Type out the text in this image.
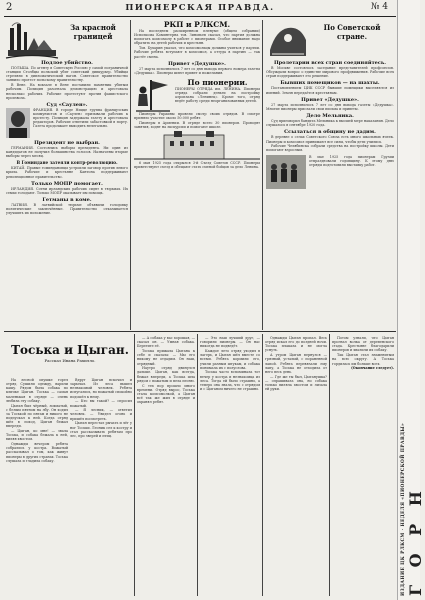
2	ПИОНЕРСКАЯ ПРАВДА.	№ 4
За красной границей
Подлое убийство.

ПОЛЬША. По агенту в Советскую Россию у самой пограничной станции Столбцы польский убит советский дипкурьер. Убийцы стреляли в дипломатический вагон. Советское правительство заявило протест польскому правительству.

В Вене. На вокзале в Вене поставили памятник убитым рабочим. Полиция разогнала демонстрацию и арестовала несколько рабочих. Рабочие протестуют против фашистского произвола.

Суд «Саулен».
ФРАНЦИЯ. В городе Ницце группа французских коммунистов и «Саулен» призывали рабочих к протесту. Полиция задержала газету и арестовала редакторов. Рабочие ответили забастовкой в порту. Газета продолжает выходить нелегально.
Президент не выбран.

ГЕРМАНИЯ. Состоялись выборы президента. Ни один из кандидатов не получил большинства голосов. Назначены вторые выборы через месяц.

В Гоминдане затеяли контр-революцию.

КИТАЙ. Правые гоминдановцы устроили заговор против левого крыла. Рабочие и крестьяне Кантона поддерживают революционное правительство.

Только МОПР помогает.

ИРЛАНДИЯ. Сотни ирландских рабочих сидят в тюрьмах. Их семьи голодают. Только МОПР оказывает им помощь.

Гетманы в коме.

ЛАТВИЯ. В латвийской тюрьме объявили голодовку политические заключённые. Правительство отказывается улучшить их положение.

РКП и РЛКСМ.

На последнем расширенном пленуме (общем собрании) Исполкома Коминтерна тов. Зиновьев сказал, что партия должна помогать комсомолу в работе с пионерами. Особое внимание надо обратить на детей рабочих и крестьян.

Тов. Бухарин указал, что комсомольцы должны учиться у партии. Рабочие ребята вступают в комсомол, а оттуда в партию — так растёт смена.

Привет «Дедушке».

27 марта исполнилось 7 лет со дня выхода первого номера газеты «Дедушка». Пионеры шлют привет и пожелания.

По пионерии.
ПИОНЕРЫ ОТРЯДА им. ЛЕНИНА. Пионеры отряда собрали деньги на постройку аэроплана «Ленинец». Кроме того, отряд ведёт работу среди неорганизованных детей.

Пионеры Украины провели смотр своих отрядов. В смотре приняло участие около 50.000 ребят.

Пионеры в Армении. В отряде всего 30 пионеров. Проводят занятия, ходят на экскурсии и помогают школе.

6 мая 1925 года открылся 3-й Съезд Советов СССР. Пионеры приветствуют съезд и обещают стать сменой бойцов за дело Ленина.

По Советской стране.
Пролетарии всех стран соединяйтесь.

В Москве состоялось заседание представителей профсоюзов. Обсуждали вопрос о единстве мирового профдвижения. Рабочие всех стран поддерживают это решение.

Бывших помещиков — на шахты.

Постановлением ЦИК СССР бывшие помещики выселяются из имений. Земля передаётся крестьянам.

Привет «Дедушке».

27 марта исполнилось 7 лет со дня выхода газеты «Дедушка». Многие пионеры прислали свои письма и приветы.

Дело Мельника.

Суд приговорил бандита Мельника к высшей мере наказания. Дело слушалось в сентябре 1920 года.

Ссылаться в общину не дадим.

В деревне о селах Советского Союза есть много школьных ячеек. Пионеры и комсомол принимают все силы, чтобы дети учились.

Рабочие Челябинска собрали средства на постройку школы. Дети помогают взрослым.

В мае 1925 года пионерам Грузии отпраздновали годовщину. К этому дню отряды подготовили выставку работ.
Тоська и Цыган.
Рассказ Ивана Рахилло.

На лесной опушке горел отряд. Сушили одежду, варили кашу. Рядом была собака по кличке Цыган. Тоська — самая маленькая в отряде — очень любила эту собаку.

Цыган был чёрный, лохматый, с белым пятном на лбу. Он ходил за Тоськой по пятам и никого не подпускал к ней. Когда отряд шёл в поход, Цыган бежал впереди.

— Цыган, ко мне! — звала Тоська, и собака бежала к ней, виляя хвостом.

Однажды вечером ребята собрались у костра. Вожатый рассказывал о том, как живут пионеры в других странах. Тоська слушала и гладила собаку.

Вдруг Цыган вскочил и зарычал. Из леса вышел незнакомый человек. Ребята испугались, но вожатый спокойно подошёл к нему.

— Кто вы такой? — спросил вожатый.

— Я лесник, — ответил человек. — Увидел огонь и пришёл посмотреть.

Цыган перестал рычать и лёг у ног Тоськи. Лесник сел к костру и стал рассказывать ребятам про лес, про зверей и птиц.

— А собака у вас хорошая, — сказал он. — Умная собака. Берегите её.

Тоська прижала Цыгана к себе и сказала: — Мы его никому не отдадим. Он наш, отрядный.

Наутро отряд двинулся дальше. Цыган, как всегда, бежал впереди, а Тоська шла рядом с вожатым и пела песню.

С тех пор прошло много времени. Отряд вырос, Тоська стала комсомолкой, а Цыган всё так же жил в отряде и охранял ребят.

— Это наш лучший друг, — говорили пионеры. — Он нас никогда не подведёт.

Каждое лето отряд уходил в лагерь, и Цыган шёл вместе со всеми. Ребята кормили его, учили разным штукам, и собака понимала их с полуслова.

Тоська часто вспоминала тот вечер у костра и незнакомца из леса. Тогда ей было страшно, а теперь она знала, что с отрядом и с Цыганом ничего не страшно.

Однажды Цыган пропал. Весь отряд искал его до поздней ночи. Тоська плакала и не могла уснуть.

А утром Цыган вернулся — грязный, усталый, с пораненной лапой. Ребята перевязали ему лапу, а Тоська не отходила от него весь день.

— Где же ты был, Цыганушка? — спрашивала она, но собака только виляла хвостом и лизала ей руки.

Потом узнали, что Цыган прогнал волка от деревенского стада. Крестьяне благодарили пионеров и хвалили их собаку.

Так Цыган стал знаменитым на всю округу. А Тоська гордилась им больше всех.

(Окончание следует).

ИЗДАНИЕ ЦК РЛКСМ · НЕДЕЛЯ «ПИОНЕРСКОЙ ПРАВДЫ» Г О Р Н
